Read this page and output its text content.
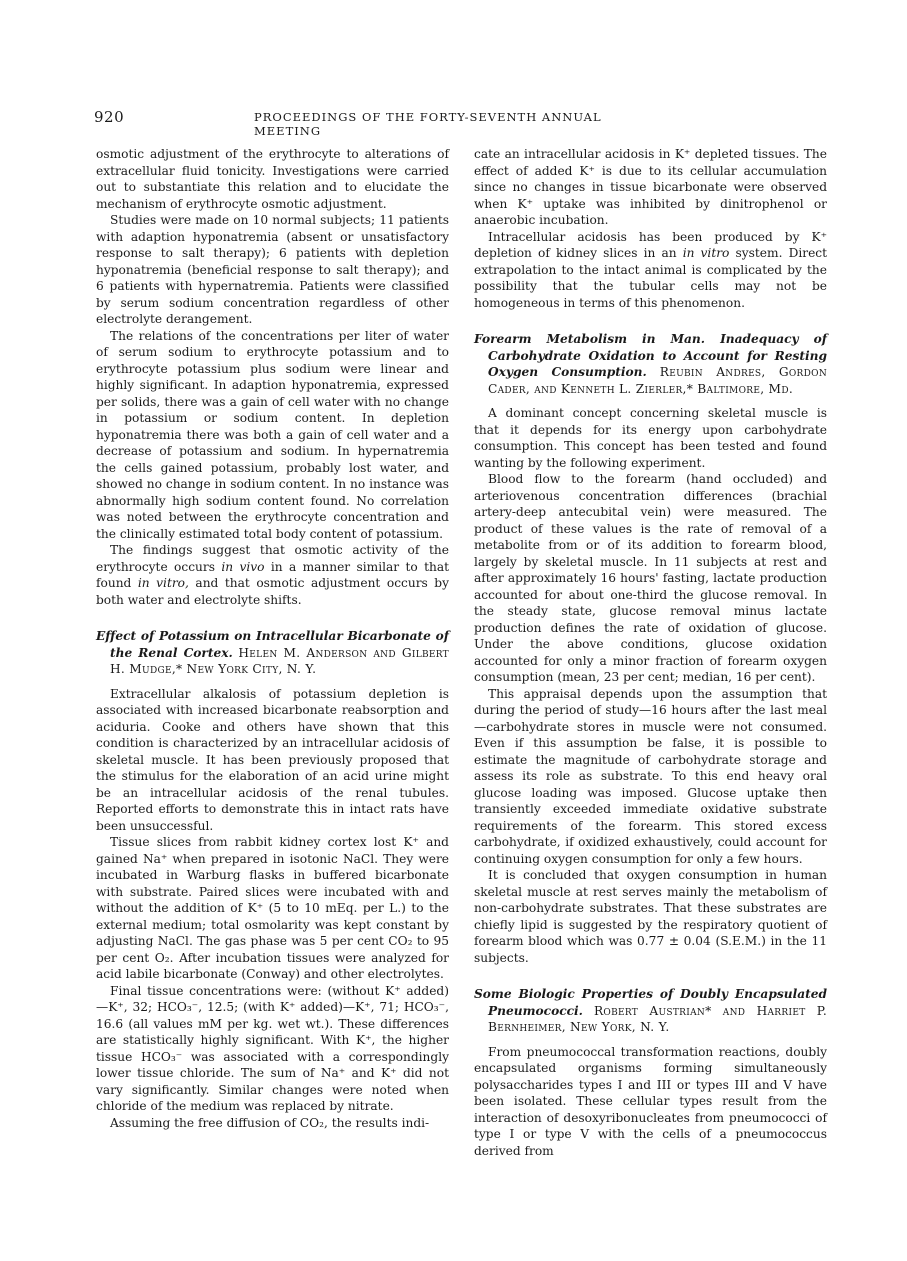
920	PROCEEDINGS OF THE FORTY-SEVENTH ANNUAL MEETING

osmotic adjustment of the erythrocyte to alterations of extracellular fluid tonicity. Investigations were carried out to substantiate this relation and to elucidate the mechanism of erythrocyte osmotic adjustment.

Studies were made on 10 normal subjects; 11 patients with adaption hyponatremia (absent or unsatisfactory response to salt therapy); 6 patients with depletion hyponatremia (beneficial response to salt therapy); and 6 patients with hypernatremia. Patients were classified by serum sodium concentration regardless of other electrolyte derangement.

The relations of the concentrations per liter of water of serum sodium to erythrocyte potassium and to erythrocyte potassium plus sodium were linear and highly significant. In adaption hyponatremia, expressed per solids, there was a gain of cell water with no change in potassium or sodium content. In depletion hyponatremia there was both a gain of cell water and a decrease of potassium and sodium. In hypernatremia the cells gained potassium, probably lost water, and showed no change in sodium content. In no instance was abnormally high sodium content found. No correlation was noted between the erythrocyte concentration and the clinically estimated total body content of potassium.

The findings suggest that osmotic activity of the erythrocyte occurs in vivo in a manner similar to that found in vitro, and that osmotic adjustment occurs by both water and electrolyte shifts.

Effect of Potassium on Intracellular Bicarbonate of the Renal Cortex. Helen M. Anderson and Gilbert H. Mudge,* New York City, N. Y.

Extracellular alkalosis of potassium depletion is associated with increased bicarbonate reabsorption and aciduria. Cooke and others have shown that this condition is characterized by an intracellular acidosis of skeletal muscle. It has been previously proposed that the stimulus for the elaboration of an acid urine might be an intracellular acidosis of the renal tubules. Reported efforts to demonstrate this in intact rats have been unsuccessful.

Tissue slices from rabbit kidney cortex lost K⁺ and gained Na⁺ when prepared in isotonic NaCl. They were incubated in Warburg flasks in buffered bicarbonate with substrate. Paired slices were incubated with and without the addition of K⁺ (5 to 10 mEq. per L.) to the external medium; total osmolarity was kept constant by adjusting NaCl. The gas phase was 5 per cent CO₂ to 95 per cent O₂. After incubation tissues were analyzed for acid labile bicarbonate (Conway) and other electrolytes.

Final tissue concentrations were: (without K⁺ added)—K⁺, 32; HCO₃⁻, 12.5; (with K⁺ added)—K⁺, 71; HCO₃⁻, 16.6 (all values mM per kg. wet wt.). These differences are statistically highly significant. With K⁺, the higher tissue HCO₃⁻ was associated with a correspondingly lower tissue chloride. The sum of Na⁺ and K⁺ did not vary significantly. Similar changes were noted when chloride of the medium was replaced by nitrate.

Assuming the free diffusion of CO₂, the results indi-

cate an intracellular acidosis in K⁺ depleted tissues. The effect of added K⁺ is due to its cellular accumulation since no changes in tissue bicarbonate were observed when K⁺ uptake was inhibited by dinitrophenol or anaerobic incubation.

Intracellular acidosis has been produced by K⁺ depletion of kidney slices in an in vitro system. Direct extrapolation to the intact animal is complicated by the possibility that the tubular cells may not be homogeneous in terms of this phenomenon.

Forearm Metabolism in Man. Inadequacy of Carbohydrate Oxidation to Account for Resting Oxygen Consumption. Reubin Andres, Gordon Cader, and Kenneth L. Zierler,* Baltimore, Md.

A dominant concept concerning skeletal muscle is that it depends for its energy upon carbohydrate consumption. This concept has been tested and found wanting by the following experiment.

Blood flow to the forearm (hand occluded) and arteriovenous concentration differences (brachial artery-deep antecubital vein) were measured. The product of these values is the rate of removal of a metabolite from or of its addition to forearm blood, largely by skeletal muscle. In 11 subjects at rest and after approximately 16 hours' fasting, lactate production accounted for about one-third the glucose removal. In the steady state, glucose removal minus lactate production defines the rate of oxidation of glucose. Under the above conditions, glucose oxidation accounted for only a minor fraction of forearm oxygen consumption (mean, 23 per cent; median, 16 per cent).

This appraisal depends upon the assumption that during the period of study—16 hours after the last meal—carbohydrate stores in muscle were not consumed. Even if this assumption be false, it is possible to estimate the magnitude of carbohydrate storage and assess its role as substrate. To this end heavy oral glucose loading was imposed. Glucose uptake then transiently exceeded immediate oxidative substrate requirements of the forearm. This stored excess carbohydrate, if oxidized exhaustively, could account for continuing oxygen consumption for only a few hours.

It is concluded that oxygen consumption in human skeletal muscle at rest serves mainly the metabolism of non-carbohydrate substrates. That these substrates are chiefly lipid is suggested by the respiratory quotient of forearm blood which was 0.77 ± 0.04 (S.E.M.) in the 11 subjects.

Some Biologic Properties of Doubly Encapsulated Pneumococci. Robert Austrian* and Harriet P. Bernheimer, New York, N. Y.

From pneumococcal transformation reactions, doubly encapsulated organisms forming simultaneously polysaccharides types I and III or types III and V have been isolated. These cellular types result from the interaction of desoxyribonucleates from pneumococci of type I or type V with the cells of a pneumococcus derived from
